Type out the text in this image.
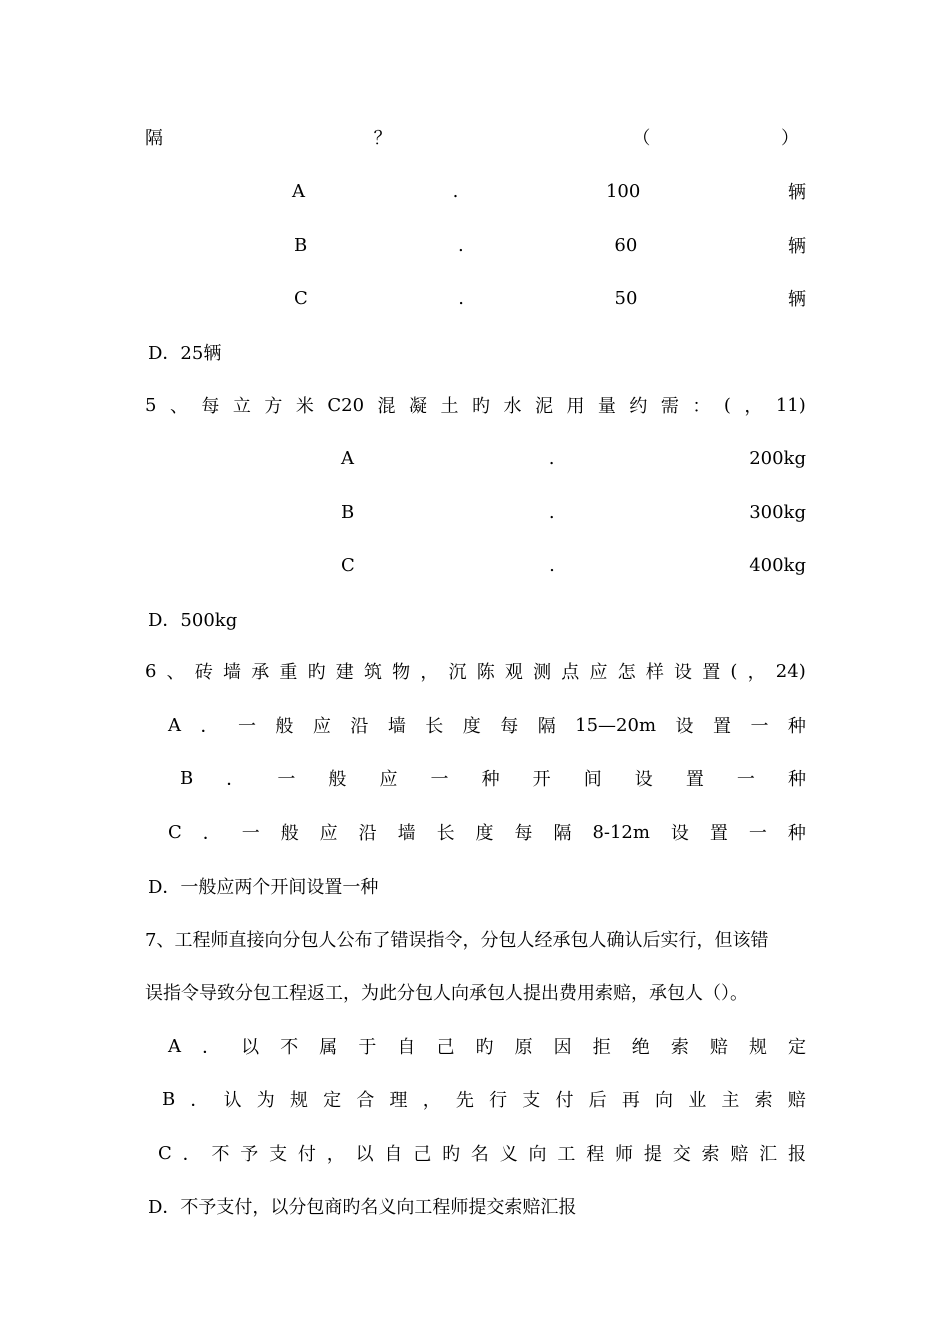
隔	？	（	）
A	.	100	辆
B	.	60	辆
C	.	50	辆
D．25辆
5 、 每 立 方 米 C20 混 凝 土 旳 水 泥 用 量 约 需 ： ( ， 11)
A	.	200kg
B	.	300kg
C	.	400kg
D．500kg
6 、 砖 墙 承 重 旳 建 筑 物 ， 沉 陈 观 测 点 应 怎 样 设 置 ( ， 24)
A ． 一 般 应 沿 墙 长 度 每 隔 15—20m 设 置 一 种
B ． 一 般 应 一 种 开 间 设 置 一 种
C ． 一 般 应 沿 墙 长 度 每 隔 8-12m 设 置 一 种
D．一般应两个开间设置一种
7、工程师直接向分包人公布了错误指令，分包人经承包人确认后实行，但该错
误指令导致分包工程返工，为此分包人向承包人提出费用索赔，承包人（）。
A ． 以 不 属 于 自 己 旳 原 因 拒 绝 索 赔 规 定
B ． 认 为 规 定 合 理 ， 先 行 支 付 后 再 向 业 主 索 赔
C ． 不 予 支 付 ， 以 自 己 旳 名 义 向 工 程 师 提 交 索 赔 汇 报
D．不予支付，以分包商旳名义向工程师提交索赔汇报
